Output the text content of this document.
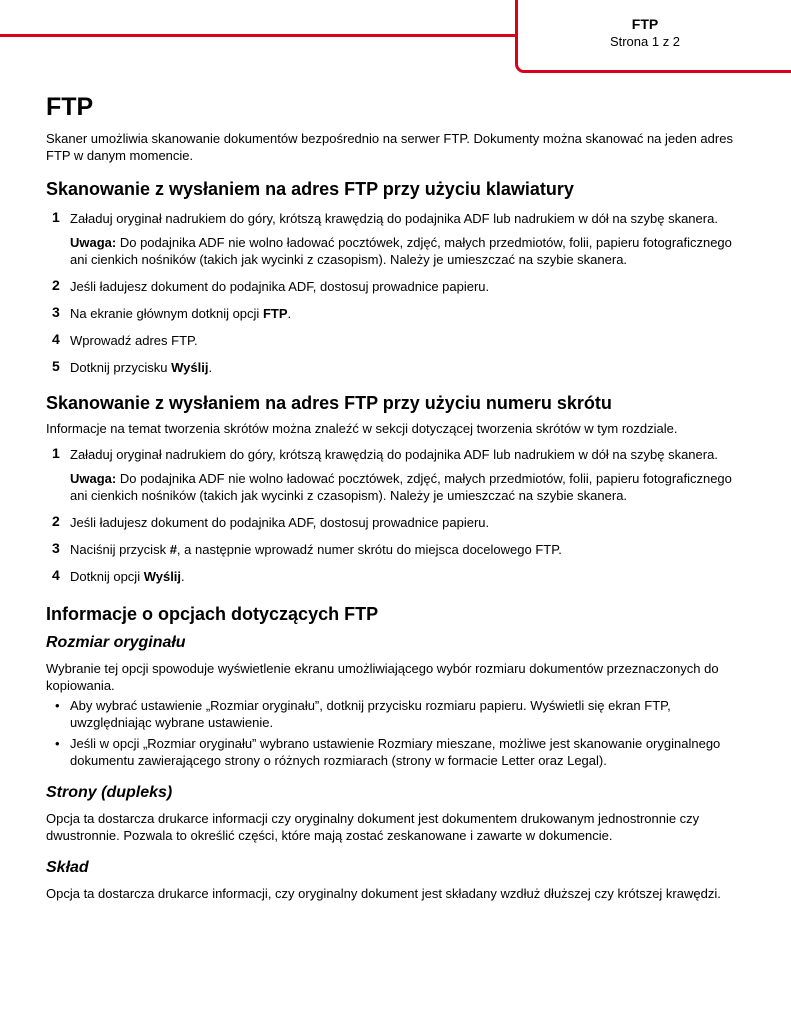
FTP
Strona 1 z 2
FTP

Skaner umożliwia skanowanie dokumentów bezpośrednio na serwer FTP. Dokumenty można skanować na jeden adres FTP w danym momencie.

Skanowanie z wysłaniem na adres FTP przy użyciu klawiatury
1 Załaduj oryginał nadrukiem do góry, krótszą krawędzią do podajnika ADF lub nadrukiem w dół na szybę skanera.
Uwaga: Do podajnika ADF nie wolno ładować pocztówek, zdjęć, małych przedmiotów, folii, papieru fotograficznego ani cienkich nośników (takich jak wycinki z czasopism). Należy je umieszczać na szybie skanera.
2 Jeśli ładujesz dokument do podajnika ADF, dostosuj prowadnice papieru.
3 Na ekranie głównym dotknij opcji FTP.
4 Wprowadź adres FTP.
5 Dotknij przycisku Wyślij.
Skanowanie z wysłaniem na adres FTP przy użyciu numeru skrótu

Informacje na temat tworzenia skrótów można znaleźć w sekcji dotyczącej tworzenia skrótów w tym rozdziale.

1 Załaduj oryginał nadrukiem do góry, krótszą krawędzią do podajnika ADF lub nadrukiem w dół na szybę skanera.
Uwaga: Do podajnika ADF nie wolno ładować pocztówek, zdjęć, małych przedmiotów, folii, papieru fotograficznego ani cienkich nośników (takich jak wycinki z czasopism). Należy je umieszczać na szybie skanera.
2 Jeśli ładujesz dokument do podajnika ADF, dostosuj prowadnice papieru.
3 Naciśnij przycisk #, a następnie wprowadź numer skrótu do miejsca docelowego FTP.
4 Dotknij opcji Wyślij.
Informacje o opcjach dotyczących FTP
Rozmiar oryginału

Wybranie tej opcji spowoduje wyświetlenie ekranu umożliwiającego wybór rozmiaru dokumentów przeznaczonych do kopiowania.

• Aby wybrać ustawienie „Rozmiar oryginału”, dotknij przycisku rozmiaru papieru. Wyświetli się ekran FTP, uwzględniając wybrane ustawienie.
• Jeśli w opcji „Rozmiar oryginału” wybrano ustawienie Rozmiary mieszane, możliwe jest skanowanie oryginalnego dokumentu zawierającego strony o różnych rozmiarach (strony w formacie Letter oraz Legal).
Strony (dupleks)

Opcja ta dostarcza drukarce informacji czy oryginalny dokument jest dokumentem drukowanym jednostronnie czy dwustronnie. Pozwala to określić części, które mają zostać zeskanowane i zawarte w dokumencie.

Skład

Opcja ta dostarcza drukarce informacji, czy oryginalny dokument jest składany wzdłuż dłuższej czy krótszej krawędzi.
